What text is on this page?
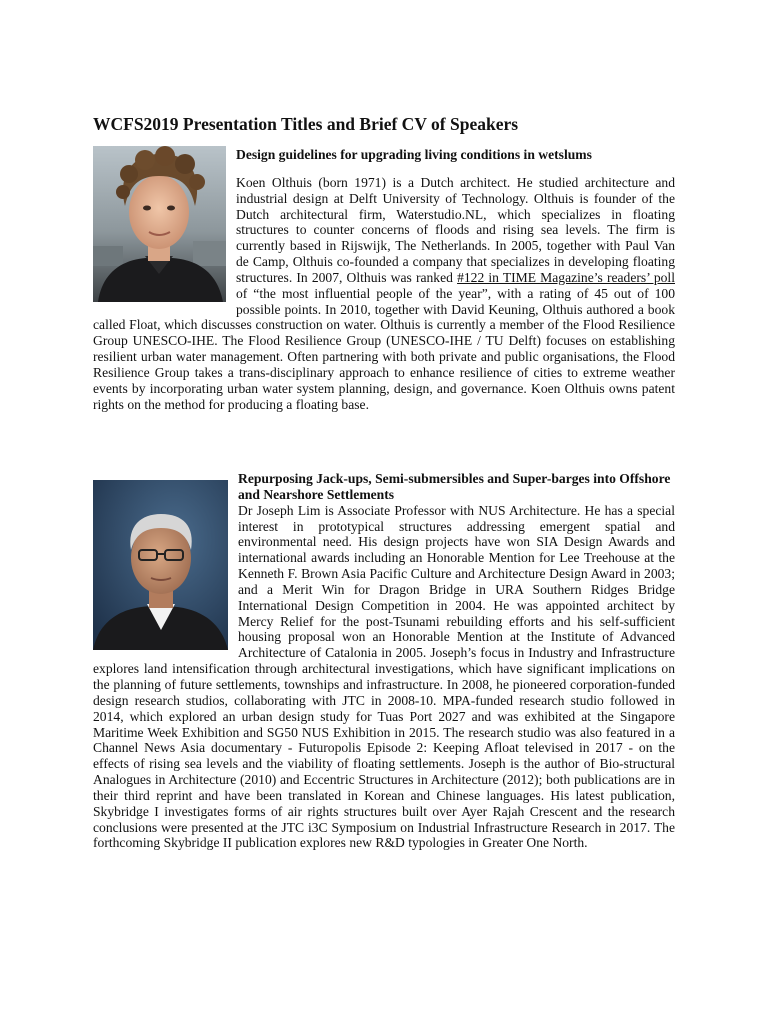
WCFS2019 Presentation Titles and Brief CV of Speakers

Design guidelines for upgrading living conditions in wetslums

Koen Olthuis (born 1971) is a Dutch architect. He studied architecture and industrial design at Delft University of Technology. Olthuis is founder of the Dutch architectural firm, Waterstudio.NL, which specializes in floating structures to counter concerns of floods and rising sea levels. The firm is currently based in Rijswijk, The Netherlands. In 2005, together with Paul Van de Camp, Olthuis co-founded a company that specializes in developing floating structures. In 2007, Olthuis was ranked #122 in TIME Magazine’s readers’ poll of “the most influential people of the year”, with a rating of 45 out of 100 possible points. In 2010, together with David Keuning, Olthuis authored a book called Float, which discusses construction on water. Olthuis is currently a member of the Flood Resilience Group UNESCO-IHE. The Flood Resilience Group (UNESCO-IHE / TU Delft) focuses on establishing resilient urban water management. Often partnering with both private and public organisations, the Flood Resilience Group takes a trans-disciplinary approach to enhance resilience of cities to extreme weather events by incorporating urban water system planning, design, and governance. Koen Olthuis owns patent rights on the method for producing a floating base.

Repurposing Jack-ups, Semi-submersibles and Super-barges into Offshore and Nearshore Settlements

Dr Joseph Lim is Associate Professor with NUS Architecture. He has a special interest in prototypical structures addressing emergent spatial and environmental need. His design projects have won SIA Design Awards and international awards including an Honorable Mention for Lee Treehouse at the Kenneth F. Brown Asia Pacific Culture and Architecture Design Award in 2003; and a Merit Win for Dragon Bridge in URA Southern Ridges Bridge International Design Competition in 2004. He was appointed architect by Mercy Relief for the post-Tsunami rebuilding efforts and his self-sufficient housing proposal won an Honorable Mention at the Institute of Advanced Architecture of Catalonia in 2005. Joseph’s focus in Industry and Infrastructure explores land intensification through architectural investigations, which have significant implications on the planning of future settlements, townships and infrastructure. In 2008, he pioneered corporation-funded design research studios, collaborating with JTC in 2008-10. MPA-funded research studio followed in 2014, which explored an urban design study for Tuas Port 2027 and was exhibited at the Singapore Maritime Week Exhibition and SG50 NUS Exhibition in 2015. The research studio was also featured in a Channel News Asia documentary - Futuropolis Episode 2: Keeping Afloat televised in 2017 - on the effects of rising sea levels and the viability of floating settlements. Joseph is the author of Bio-structural Analogues in Architecture (2010) and Eccentric Structures in Architecture (2012); both publications are in their third reprint and have been translated in Korean and Chinese languages. His latest publication, Skybridge I investigates forms of air rights structures built over Ayer Rajah Crescent and the research conclusions were presented at the JTC i3C Symposium on Industrial Infrastructure Research in 2017. The forthcoming Skybridge II publication explores new R&D typologies in Greater One North.
